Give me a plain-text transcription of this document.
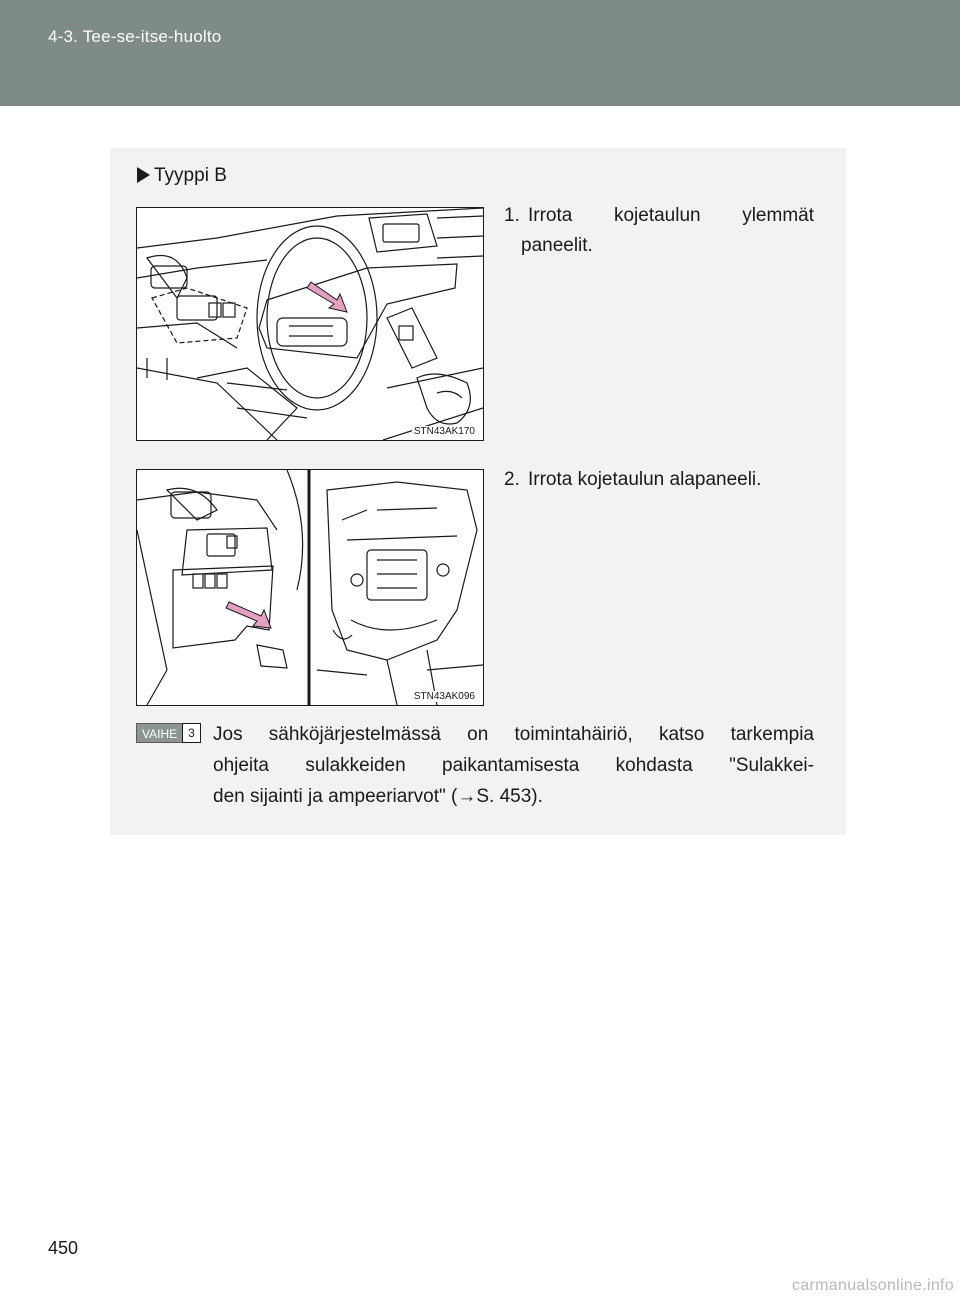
4-3. Tee-se-itse-huolto
Tyyppi B
STN43AK170
1. Irrota kojetaulun ylemmät
paneelit.
STN43AK096
2. Irrota kojetaulun alapaneeli.
VAIHE 3 Jos sähköjärjestelmässä on toimintahäiriö, katso tarkempia
ohjeita sulakkeiden paikantamisesta kohdasta "Sulakkei-
den sijainti ja ampeeriarvot" (→S. 453).
450
carmanualsonline.info
